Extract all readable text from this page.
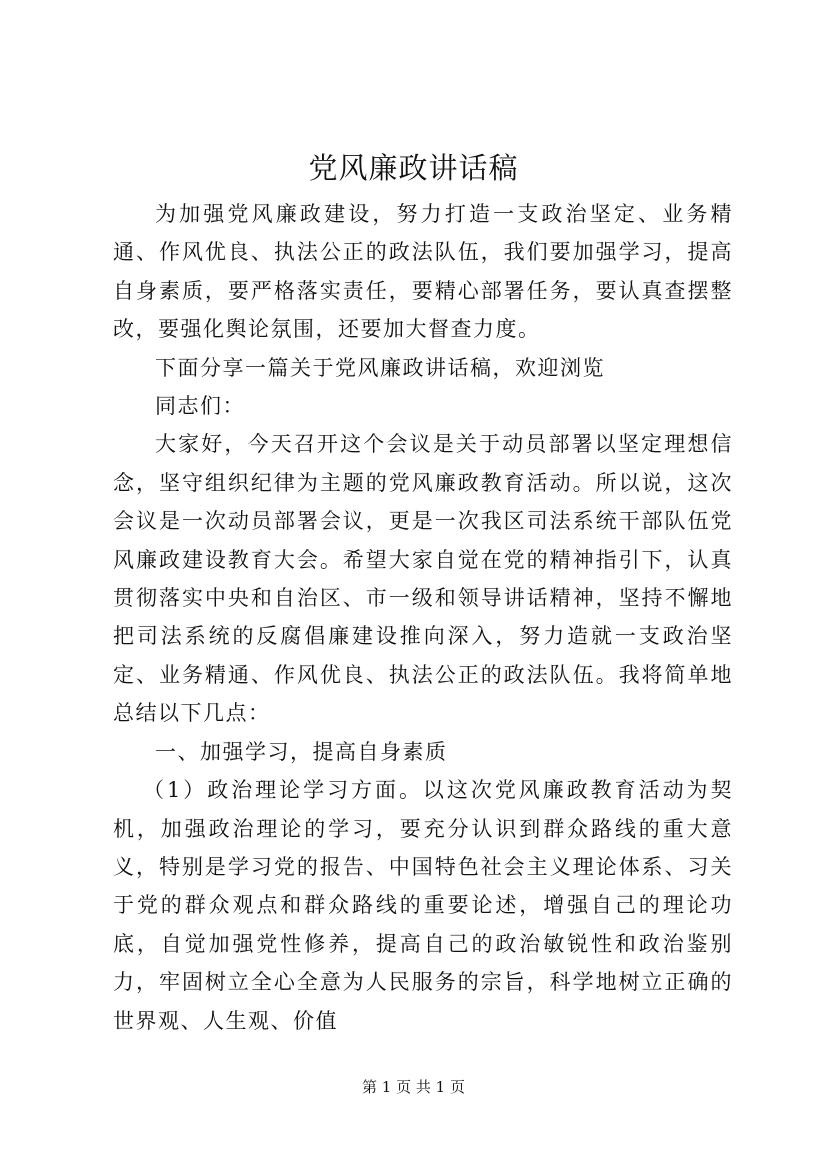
党风廉政讲话稿

为加强党风廉政建设，努力打造一支政治坚定、业务精通、作风优良、执法公正的政法队伍，我们要加强学习，提高自身素质，要严格落实责任，要精心部署任务，要认真查摆整改，要强化舆论氛围，还要加大督查力度。

下面分享一篇关于党风廉政讲话稿，欢迎浏览

同志们：

大家好，今天召开这个会议是关于动员部署以坚定理想信念，坚守组织纪律为主题的党风廉政教育活动。所以说，这次会议是一次动员部署会议，更是一次我区司法系统干部队伍党风廉政建设教育大会。希望大家自觉在党的精神指引下，认真贯彻落实中央和自治区、市一级和领导讲话精神，坚持不懈地把司法系统的反腐倡廉建设推向深入，努力造就一支政治坚定、业务精通、作风优良、执法公正的政法队伍。我将简单地总结以下几点：

一、加强学习，提高自身素质

（1）政治理论学习方面。以这次党风廉政教育活动为契机，加强政治理论的学习，要充分认识到群众路线的重大意义，特别是学习党的报告、中国特色社会主义理论体系、习关于党的群众观点和群众路线的重要论述，增强自己的理论功底，自觉加强党性修养，提高自己的政治敏锐性和政治鉴别力，牢固树立全心全意为人民服务的宗旨，科学地树立正确的世界观、人生观、价值

第 1 页 共 1 页
